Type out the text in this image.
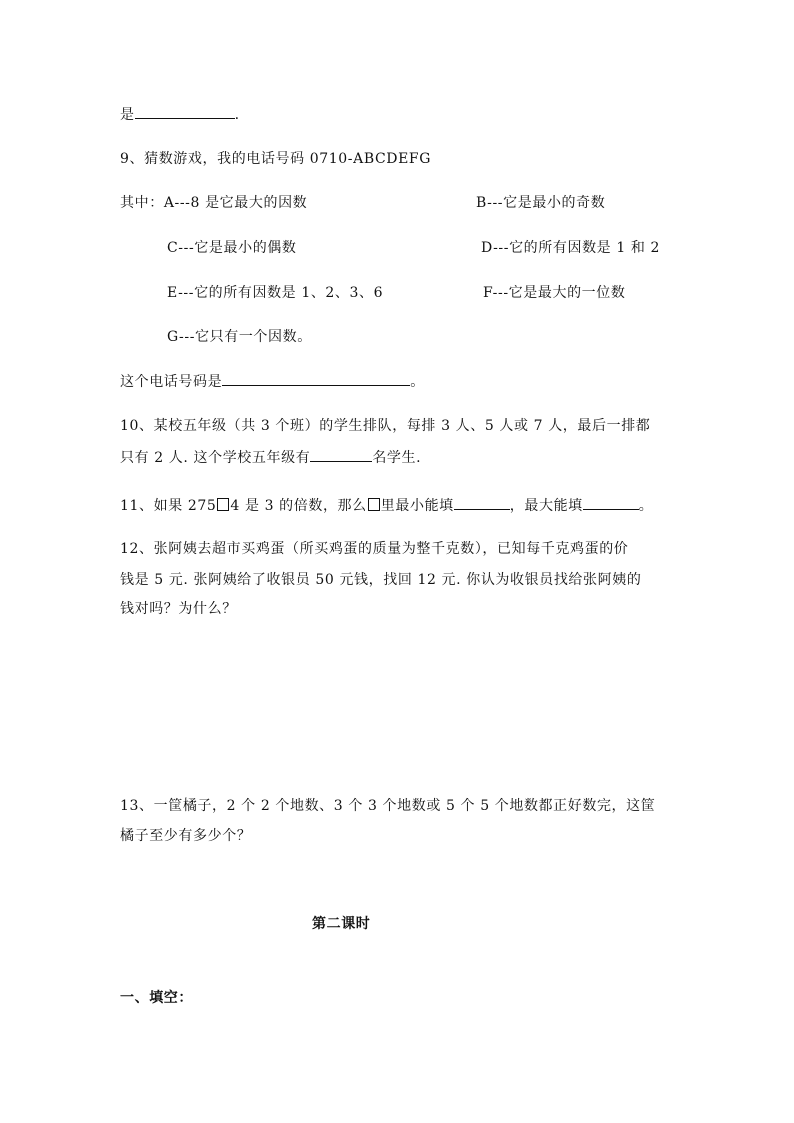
是	.
9、猜数游戏，我的电话号码 0710-ABCDEFG
其中：A---8 是它最大的因数	B---它是最小的奇数
C---它是最小的偶数	D---它的所有因数是 1 和 2
E---它的所有因数是 1、2、3、6	F---它是最大的一位数
G---它只有一个因数。
这个电话号码是	。
10、某校五年级（共 3 个班）的学生排队，每排 3 人、5 人或 7 人，最后一排都
只有 2 人. 这个学校五年级有	名学生.
11、如果 275 4 是 3 的倍数，那么 里最小能填	，最大能填	。
12、张阿姨去超市买鸡蛋（所买鸡蛋的质量为整千克数），已知每千克鸡蛋的价
钱是 5 元. 张阿姨给了收银员 50 元钱，找回 12 元. 你认为收银员找给张阿姨的
钱对吗？为什么？
13、一筐橘子，2 个 2 个地数、3 个 3 个地数或 5 个 5 个地数都正好数完，这筐
橘子至少有多少个？
第二课时
一、填空：
